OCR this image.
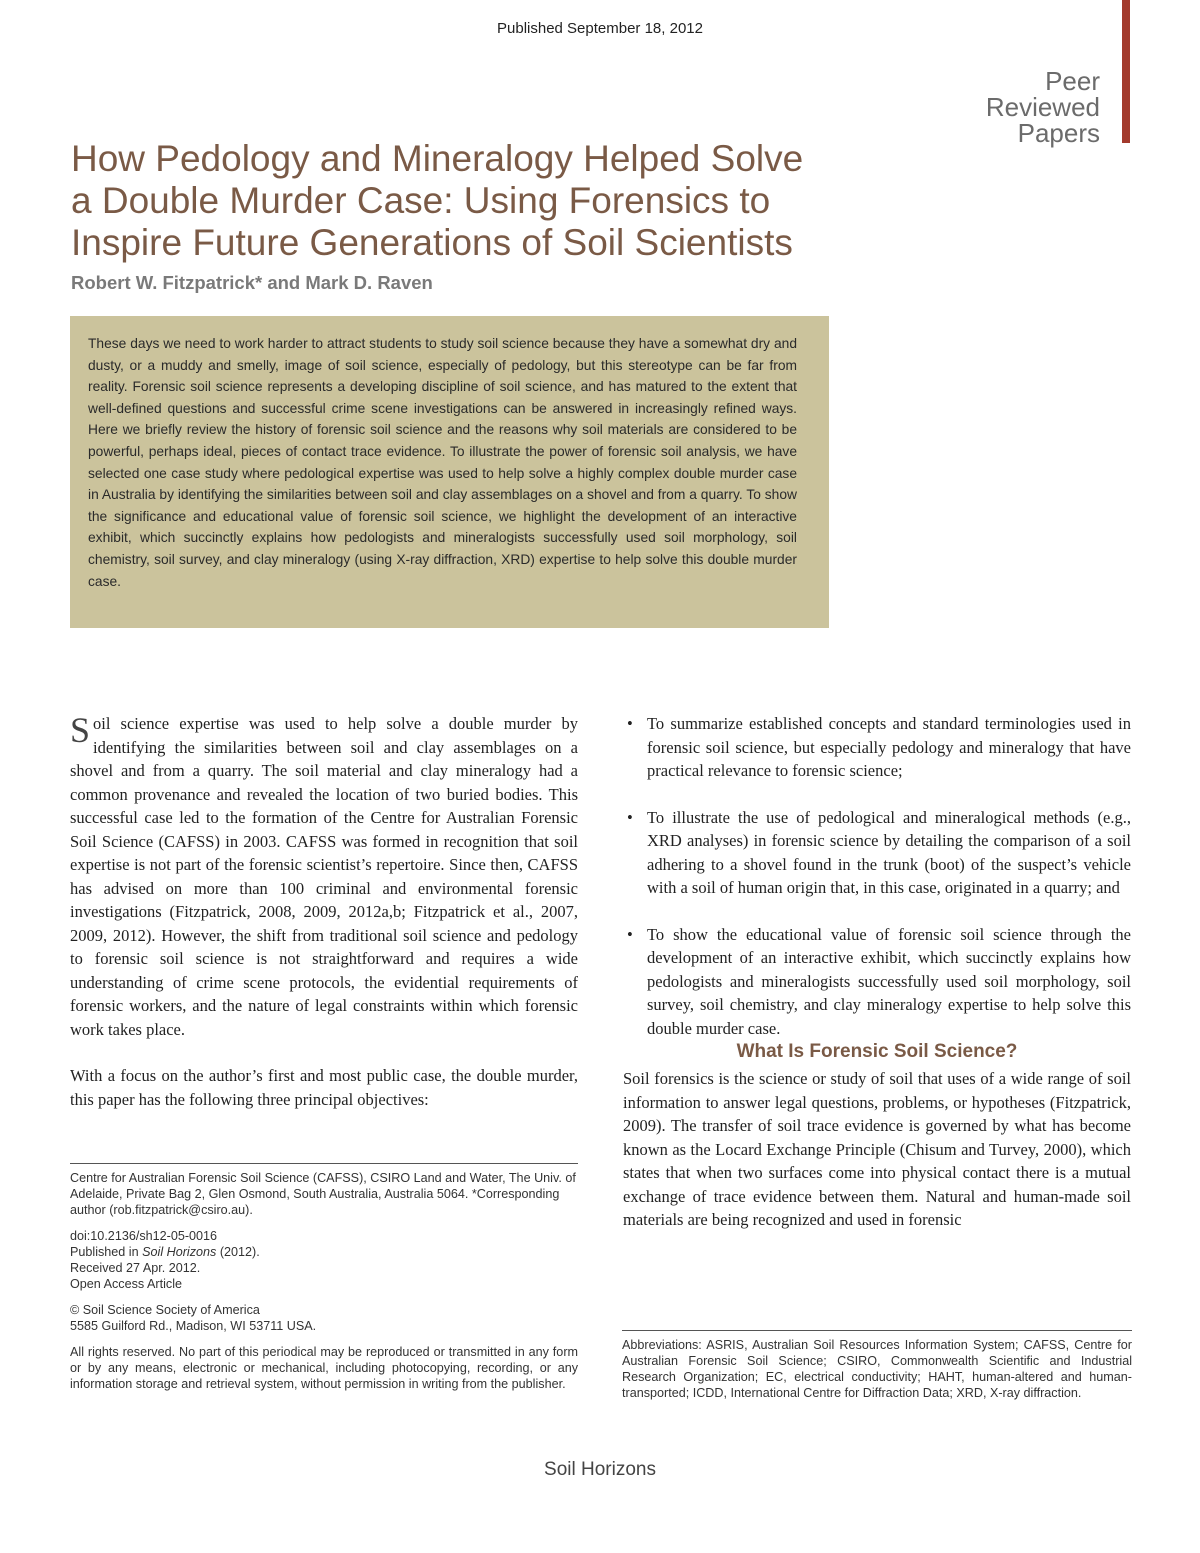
Published September 18, 2012
Peer
Reviewed
Papers
How Pedology and Mineralogy Helped Solve
a Double Murder Case: Using Forensics to
Inspire Future Generations of Soil Scientists
Robert W. Fitzpatrick* and Mark D. Raven

These days we need to work harder to attract students to study soil science because they have a somewhat dry and dusty, or a muddy and smelly, image of soil science, especially of pedology, but this stereotype can be far from reality. Forensic soil science represents a developing discipline of soil science, and has matured to the extent that well-defined questions and successful crime scene investigations can be answered in increasingly refined ways. Here we briefly review the history of forensic soil science and the reasons why soil materials are considered to be powerful, perhaps ideal, pieces of contact trace evidence. To illustrate the power of forensic soil analysis, we have selected one case study where pedological expertise was used to help solve a highly complex double murder case in Australia by identifying the similarities between soil and clay assemblages on a shovel and from a quarry. To show the significance and educational value of forensic soil science, we highlight the development of an interactive exhibit, which succinctly explains how pedologists and mineralogists successfully used soil morphology, soil chemistry, soil survey, and clay mineralogy (using X-ray diffraction, XRD) expertise to help solve this double murder case.

Soil science expertise was used to help solve a double murder by identifying the similarities between soil and clay assemblages on a shovel and from a quarry. The soil material and clay mineralogy had a common provenance and revealed the location of two buried bodies. This successful case led to the formation of the Centre for Australian Forensic Soil Science (CAFSS) in 2003. CAFSS was formed in recognition that soil expertise is not part of the forensic scientist’s repertoire. Since then, CAFSS has advised on more than 100 criminal and environmental forensic investigations (Fitzpatrick, 2008, 2009, 2012a,b; Fitzpatrick et al., 2007, 2009, 2012). However, the shift from traditional soil science and pedology to forensic soil science is not straightforward and requires a wide understanding of crime scene protocols, the evidential requirements of forensic workers, and the nature of legal constraints within which forensic work takes place.

With a focus on the author’s first and most public case, the double murder, this paper has the following three principal objectives:

• To summarize established concepts and standard terminologies used in forensic soil science, but especially pedology and mineralogy that have practical relevance to forensic science;
• To illustrate the use of pedological and mineralogical methods (e.g., XRD analyses) in forensic science by detailing the comparison of a soil adhering to a shovel found in the trunk (boot) of the suspect’s vehicle with a soil of human origin that, in this case, originated in a quarry; and
• To show the educational value of forensic soil science through the development of an interactive exhibit, which succinctly explains how pedologists and mineralogists successfully used soil morphology, soil survey, soil chemistry, and clay mineralogy expertise to help solve this double murder case.
What Is Forensic Soil Science?

Soil forensics is the science or study of soil that uses of a wide range of soil information to answer legal questions, problems, or hypotheses (Fitzpatrick, 2009). The transfer of soil trace evidence is governed by what has become known as the Locard Exchange Principle (Chisum and Turvey, 2000), which states that when two surfaces come into physical contact there is a mutual exchange of trace evidence between them. Natural and human-made soil materials are being recognized and used in forensic

Centre for Australian Forensic Soil Science (CAFSS), CSIRO Land and Water, The Univ. of Adelaide, Private Bag 2, Glen Osmond, South Australia, Australia 5064. *Corresponding author (rob.fitzpatrick@csiro.au).

doi:10.2136/sh12-05-0016
Published in Soil Horizons (2012).
Received 27 Apr. 2012.
Open Access Article

© Soil Science Society of America
5585 Guilford Rd., Madison, WI 53711 USA.

All rights reserved. No part of this periodical may be reproduced or transmitted in any form or by any means, electronic or mechanical, including photocopying, recording, or any information storage and retrieval system, without permission in writing from the publisher.

Abbreviations: ASRIS, Australian Soil Resources Information System; CAFSS, Centre for Australian Forensic Soil Science; CSIRO, Commonwealth Scientific and Industrial Research Organization; EC, electrical conductivity; HAHT, human-altered and human-transported; ICDD, International Centre for Diffraction Data; XRD, X-ray diffraction.

Soil Horizons
